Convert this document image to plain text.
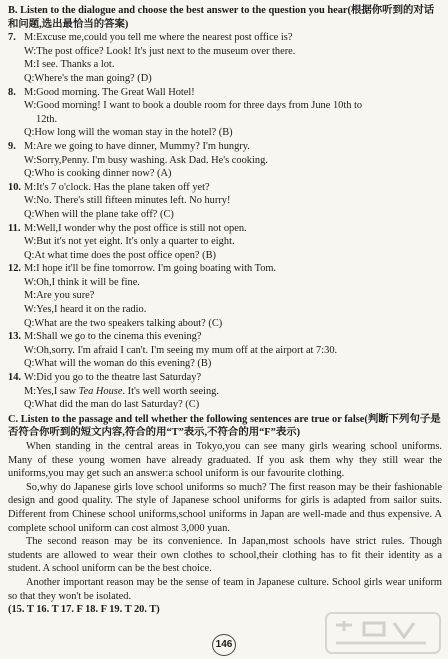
B. Listen to the dialogue and choose the best answer to the question you hear(根据你听到的对话和问题,选出最恰当的答案)
7. M:Excuse me,could you tell me where the nearest post office is?
W:The post office? Look! It's just next to the museum over there.
M:I see. Thanks a lot.
Q:Where's the man going? (D)
8. M:Good morning. The Great Wall Hotel!
W:Good morning! I want to book a double room for three days from June 10th to
12th.
Q:How long will the woman stay in the hotel? (B)
9. M:Are we going to have dinner, Mummy? I'm hungry.
W:Sorry,Penny. I'm busy washing. Ask Dad. He's cooking.
Q:Who is cooking dinner now? (A)
10. M:It's 7 o'clock. Has the plane taken off yet?
W:No. There's still fifteen minutes left. No hurry!
Q:When will the plane take off? (C)
11. M:Well,I wonder why the post office is still not open.
W:But it's not yet eight. It's only a quarter to eight.
Q:At what time does the post office open? (B)
12. M:I hope it'll be fine tomorrow. I'm going boating with Tom.
W:Oh,I think it will be fine.
M:Are you sure?
W:Yes,I heard it on the radio.
Q:What are the two speakers talking about? (C)
13. M:Shall we go to the cinema this evening?
W:Oh,sorry. I'm afraid I can't. I'm seeing my mum off at the airport at 7:30.
Q:What will the woman do this evening? (B)
14. W:Did you go to the theatre last Saturday?
M:Yes,I saw Tea House. It's well worth seeing.
Q:What did the man do last Saturday? (C)
C. Listen to the passage and tell whether the following sentences are true or false(判断下列句子是否符合你听到的短文内容,符合的用“T”表示,不符合的用“F”表示)

When standing in the central areas in Tokyo,you can see many girls wearing school uniforms. Many of these young women have already graduated. If you ask them why they still wear the uniforms,you may get such an answer:a school uniform is our favourite clothing.

So,why do Japanese girls love school uniforms so much? The first reason may be their fashionable design and good quality. The style of Japanese school uniforms for girls is adapted from sailor suits. Different from Chinese school uniforms,school uniforms in Japan are well-made and thus expensive. A complete school uniform can cost almost 3,000 yuan.

The second reason may be its convenience. In Japan,most schools have strict rules. Though students are allowed to wear their own clothes to school,their clothing has to fit their identity as a student. A school uniform can be the best choice.

Another important reason may be the sense of team in Japanese culture. School girls wear uniform so that they won't be isolated.

(15. T 16. T 17. F 18. F 19. T 20. T)
146
